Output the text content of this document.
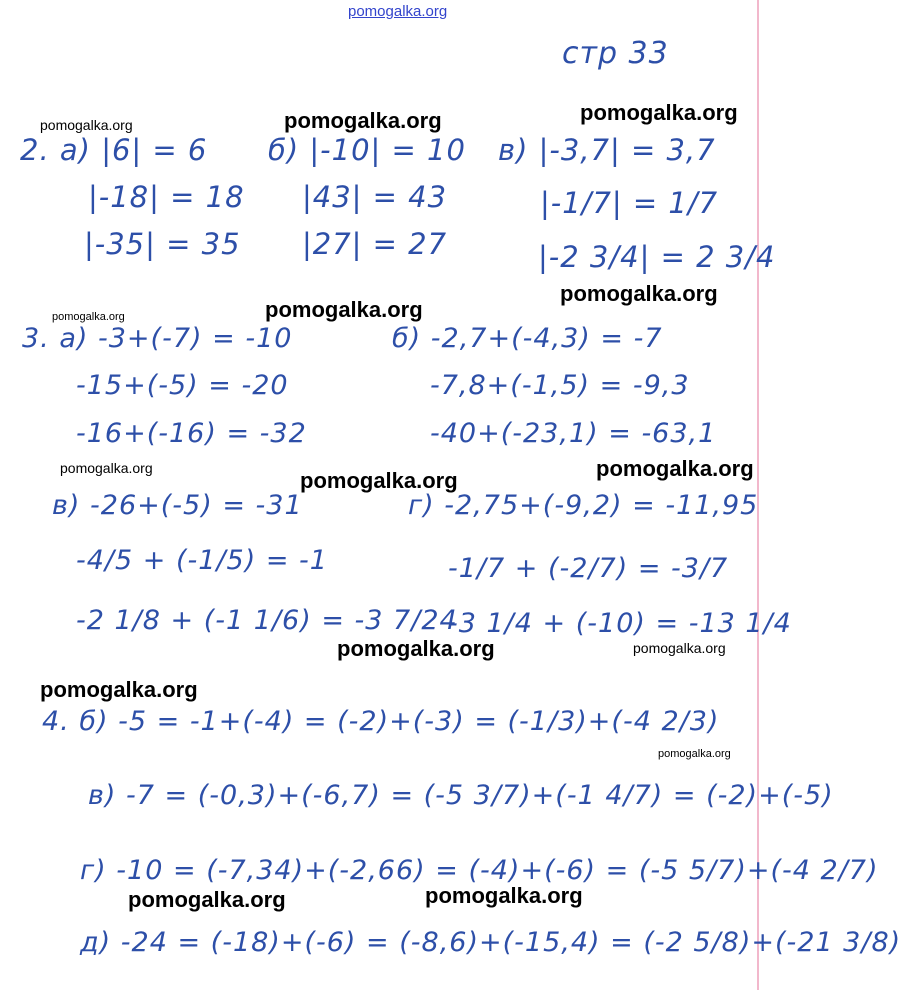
pomogalka.org
стр 33
2. а) |6| = 6
|-18| = 18
|-35| = 35
б) |-10| = 10
|43| = 43
|27| = 27
в) |-3,7| = 3,7
|-1/7| = 1/7
|-2 3/4| = 2 3/4
3. а) -3+(-7) = -10
-15+(-5) = -20
-16+(-16) = -32
б) -2,7+(-4,3) = -7
-7,8+(-1,5) = -9,3
-40+(-23,1) = -63,1
в) -26+(-5) = -31
-4/5 + (-1/5) = -1
-2 1/8 + (-1 1/6) = -3 7/24
г) -2,75+(-9,2) = -11,95
-1/7 + (-2/7) = -3/7
-3 1/4 + (-10) = -13 1/4
4. б) -5 = -1+(-4) = (-2)+(-3) = (-1/3)+(-4 2/3)
в) -7 = (-0,3)+(-6,7) = (-5 3/7)+(-1 4/7) = (-2)+(-5)
г) -10 = (-7,34)+(-2,66) = (-4)+(-6) = (-5 5/7)+(-4 2/7)
д) -24 = (-18)+(-6) = (-8,6)+(-15,4) = (-2 5/8)+(-21 3/8)
pomogalka.org	pomogalka.org	pomogalka.org
pomogalka.org
pomogalka.org	pomogalka.org
pomogalka.org	pomogalka.org	pomogalka.org
pomogalka.org	pomogalka.org
pomogalka.org
pomogalka.org
pomogalka.org	pomogalka.org
